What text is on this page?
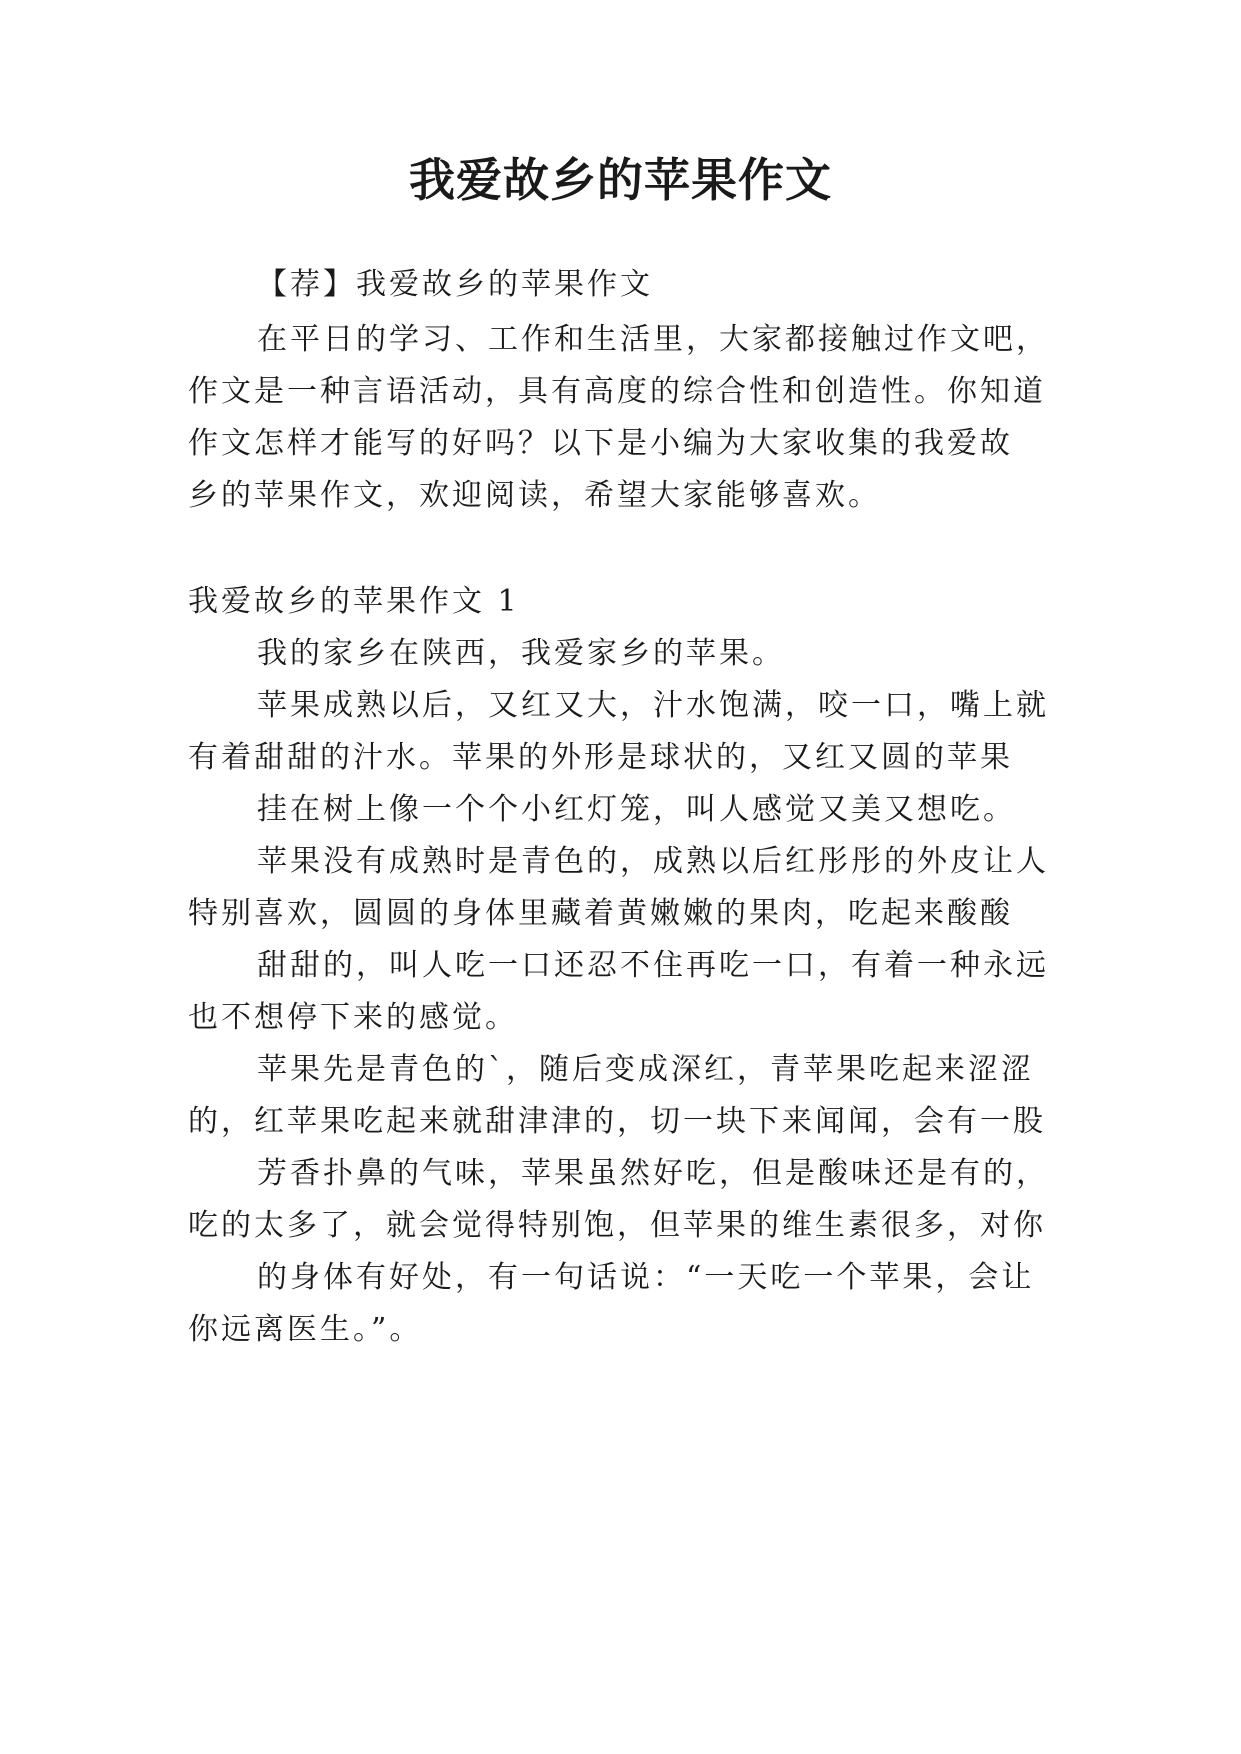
我爱故乡的苹果作文
【荐】我爱故乡的苹果作文
在平日的学习、工作和生活里，大家都接触过作文吧，
作文是一种言语活动，具有高度的综合性和创造性。你知道
作文怎样才能写的好吗？以下是小编为大家收集的我爱故
乡的苹果作文，欢迎阅读，希望大家能够喜欢。
我爱故乡的苹果作文 1
我的家乡在陕西，我爱家乡的苹果。
苹果成熟以后，又红又大，汁水饱满，咬一口，嘴上就
有着甜甜的汁水。苹果的外形是球状的，又红又圆的苹果
挂在树上像一个个小红灯笼，叫人感觉又美又想吃。
苹果没有成熟时是青色的，成熟以后红彤彤的外皮让人
特别喜欢，圆圆的身体里藏着黄嫩嫩的果肉，吃起来酸酸
甜甜的，叫人吃一口还忍不住再吃一口，有着一种永远
也不想停下来的感觉。
苹果先是青色的`，随后变成深红，青苹果吃起来涩涩
的，红苹果吃起来就甜津津的，切一块下来闻闻，会有一股
芳香扑鼻的气味，苹果虽然好吃，但是酸味还是有的，
吃的太多了，就会觉得特别饱，但苹果的维生素很多，对你
的身体有好处，有一句话说：“一天吃一个苹果，会让
你远离医生。”。
